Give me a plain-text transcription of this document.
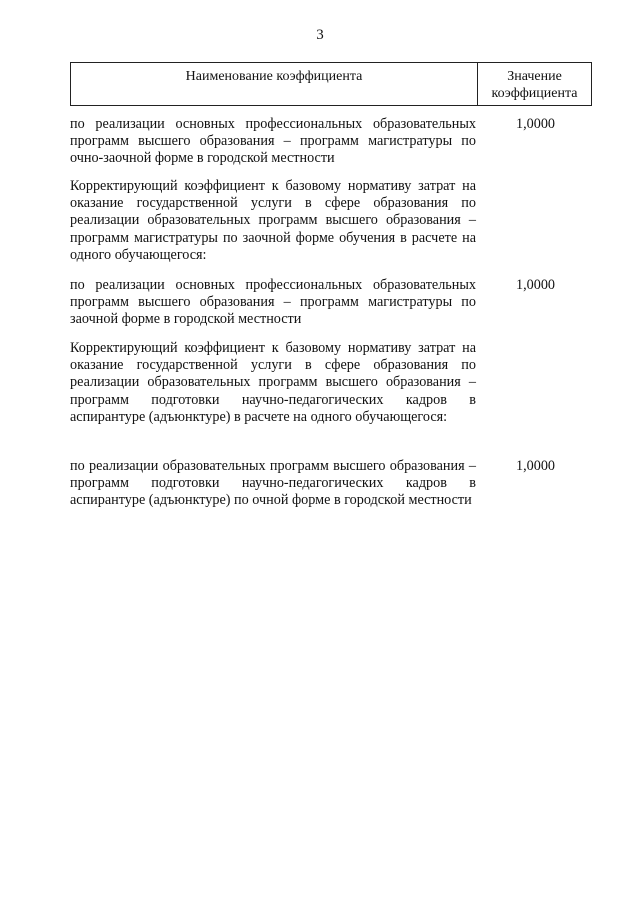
3
Наименование коэффициента	Значение
коэффициента
по реализации основных профессиональных образовательных программ высшего образования – программ магистратуры по очно-заочной форме в городской местности
1,0000
Корректирующий коэффициент к базовому нормативу затрат на оказание государственной услуги в сфере образования по реализации образовательных программ высшего образования – программ магистратуры по заочной форме обучения в расчете на одного обучающегося:
по реализации основных профессиональных образовательных программ высшего образования – программ магистратуры по заочной форме в городской местности
1,0000
Корректирующий коэффициент к базовому нормативу затрат на оказание государственной услуги в сфере образования по реализации образовательных программ высшего образования – программ подготовки научно-педагогических кадров в аспирантуре (адъюнктуре) в расчете на одного обучающегося:
по реализации образовательных программ высшего образования – программ подготовки научно-педагогических кадров в аспирантуре (адъюнктуре) по очной форме в городской местности
1,0000
